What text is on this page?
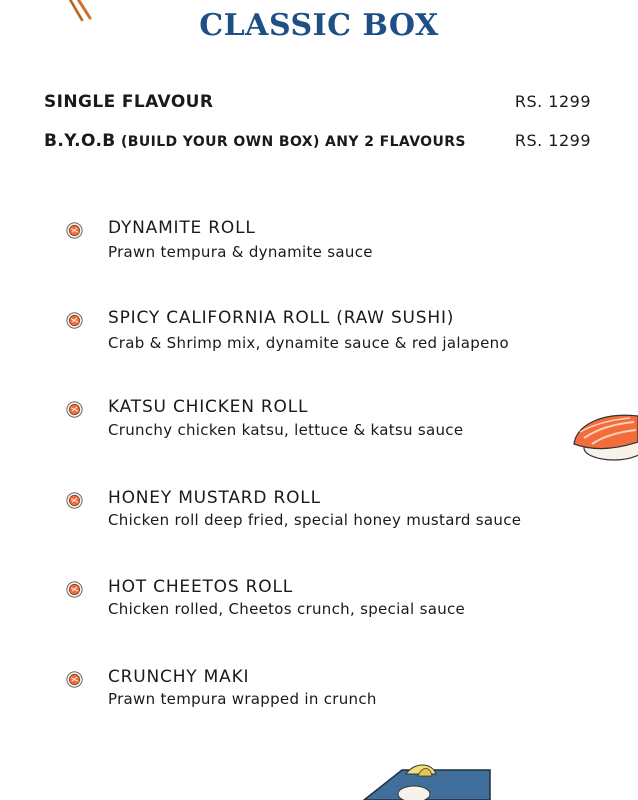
CLASSIC BOX
SINGLE FLAVOUR	RS. 1299
B.Y.O.B (BUILD YOUR OWN BOX) ANY 2 FLAVOURS	RS. 1299
DYNAMITE ROLL
Prawn tempura & dynamite sauce
SPICY CALIFORNIA ROLL (RAW SUSHI)
Crab & Shrimp mix, dynamite sauce & red jalapeno
KATSU CHICKEN ROLL
Crunchy chicken katsu, lettuce & katsu sauce
HONEY MUSTARD ROLL
Chicken roll deep fried, special honey mustard sauce
HOT CHEETOS ROLL
Chicken rolled, Cheetos crunch, special sauce
CRUNCHY MAKI
Prawn tempura wrapped in crunch
